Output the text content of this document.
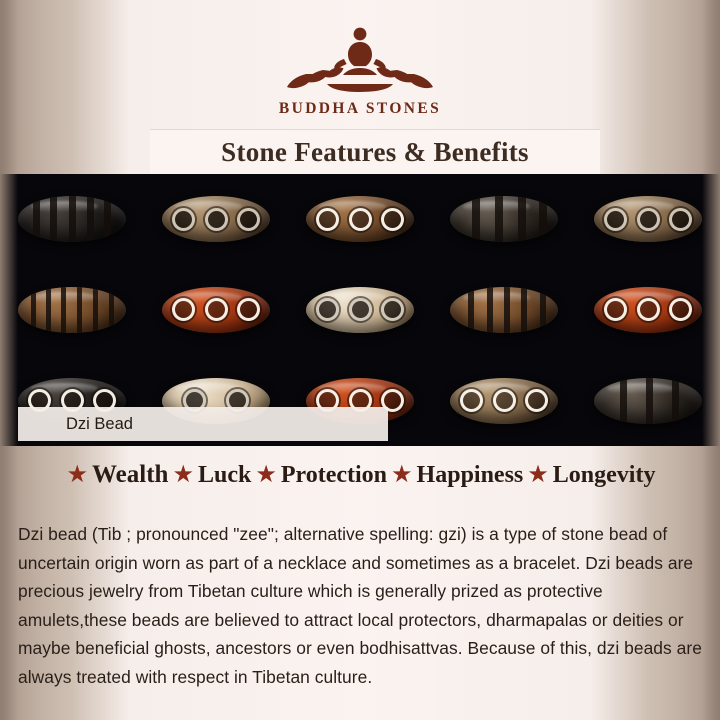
BUDDHA STONES
Stone Features & Benefits
Dzi Bead
★ Wealth ★ Luck ★ Protection ★ Happiness ★ Longevity

Dzi bead (Tib ; pronounced "zee"; alternative spelling: gzi) is a type of stone bead of uncertain origin worn as part of a necklace and sometimes as a bracelet. Dzi beads are precious jewelry from Tibetan culture which is generally prized as protective amulets,these beads are believed to attract local protectors, dharmapalas or deities or maybe beneficial ghosts, ancestors or even bodhisattvas. Because of this, dzi beads are always treated with respect in Tibetan culture.
